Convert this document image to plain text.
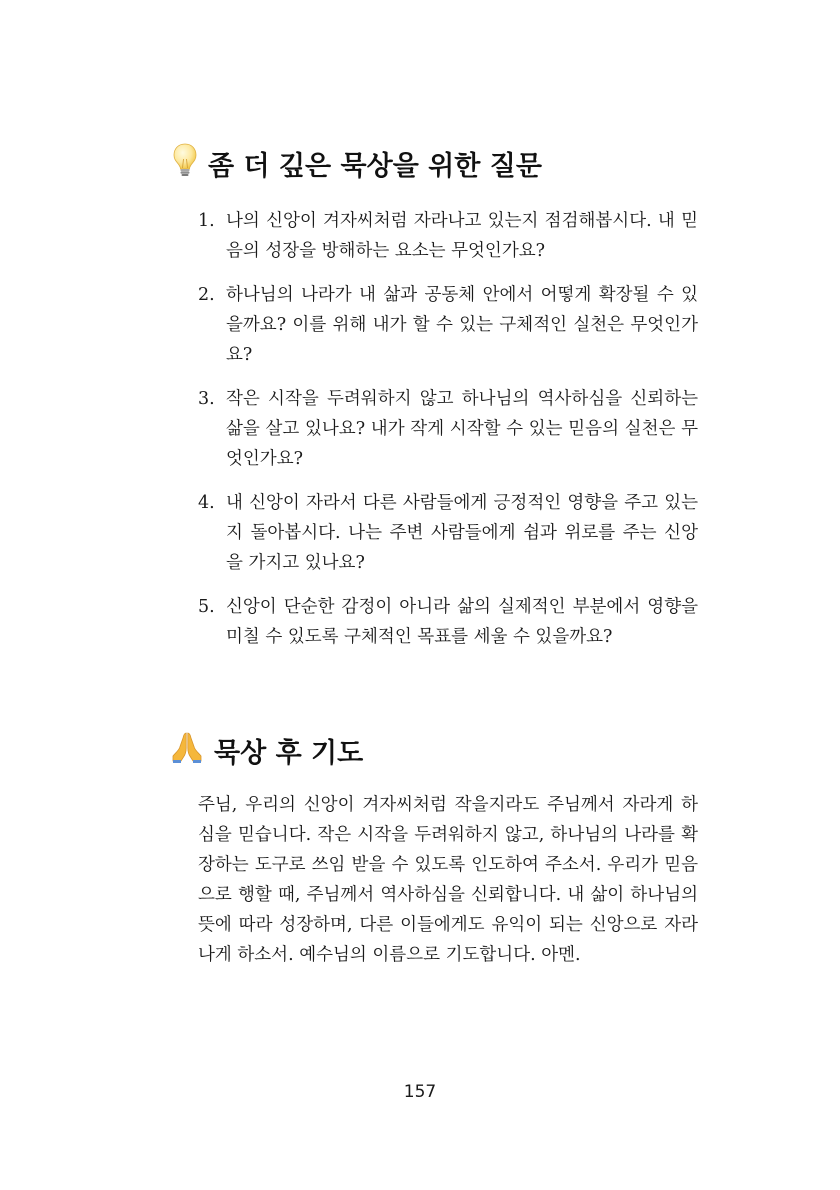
좀 더 깊은 묵상을 위한 질문
1. 나의 신앙이 겨자씨처럼 자라나고 있는지 점검해봅시다. 내 믿음의 성장을 방해하는 요소는 무엇인가요?
2. 하나님의 나라가 내 삶과 공동체 안에서 어떻게 확장될 수 있을까요? 이를 위해 내가 할 수 있는 구체적인 실천은 무엇인가요?
3. 작은 시작을 두려워하지 않고 하나님의 역사하심을 신뢰하는 삶을 살고 있나요? 내가 작게 시작할 수 있는 믿음의 실천은 무엇인가요?
4. 내 신앙이 자라서 다른 사람들에게 긍정적인 영향을 주고 있는지 돌아봅시다. 나는 주변 사람들에게 쉼과 위로를 주는 신앙을 가지고 있나요?
5. 신앙이 단순한 감정이 아니라 삶의 실제적인 부분에서 영향을 미칠 수 있도록 구체적인 목표를 세울 수 있을까요?
묵상 후 기도

주님, 우리의 신앙이 겨자씨처럼 작을지라도 주님께서 자라게 하심을 믿습니다. 작은 시작을 두려워하지 않고, 하나님의 나라를 확장하는 도구로 쓰임 받을 수 있도록 인도하여 주소서. 우리가 믿음으로 행할 때, 주님께서 역사하심을 신뢰합니다. 내 삶이 하나님의 뜻에 따라 성장하며, 다른 이들에게도 유익이 되는 신앙으로 자라나게 하소서. 예수님의 이름으로 기도합니다. 아멘.

157
